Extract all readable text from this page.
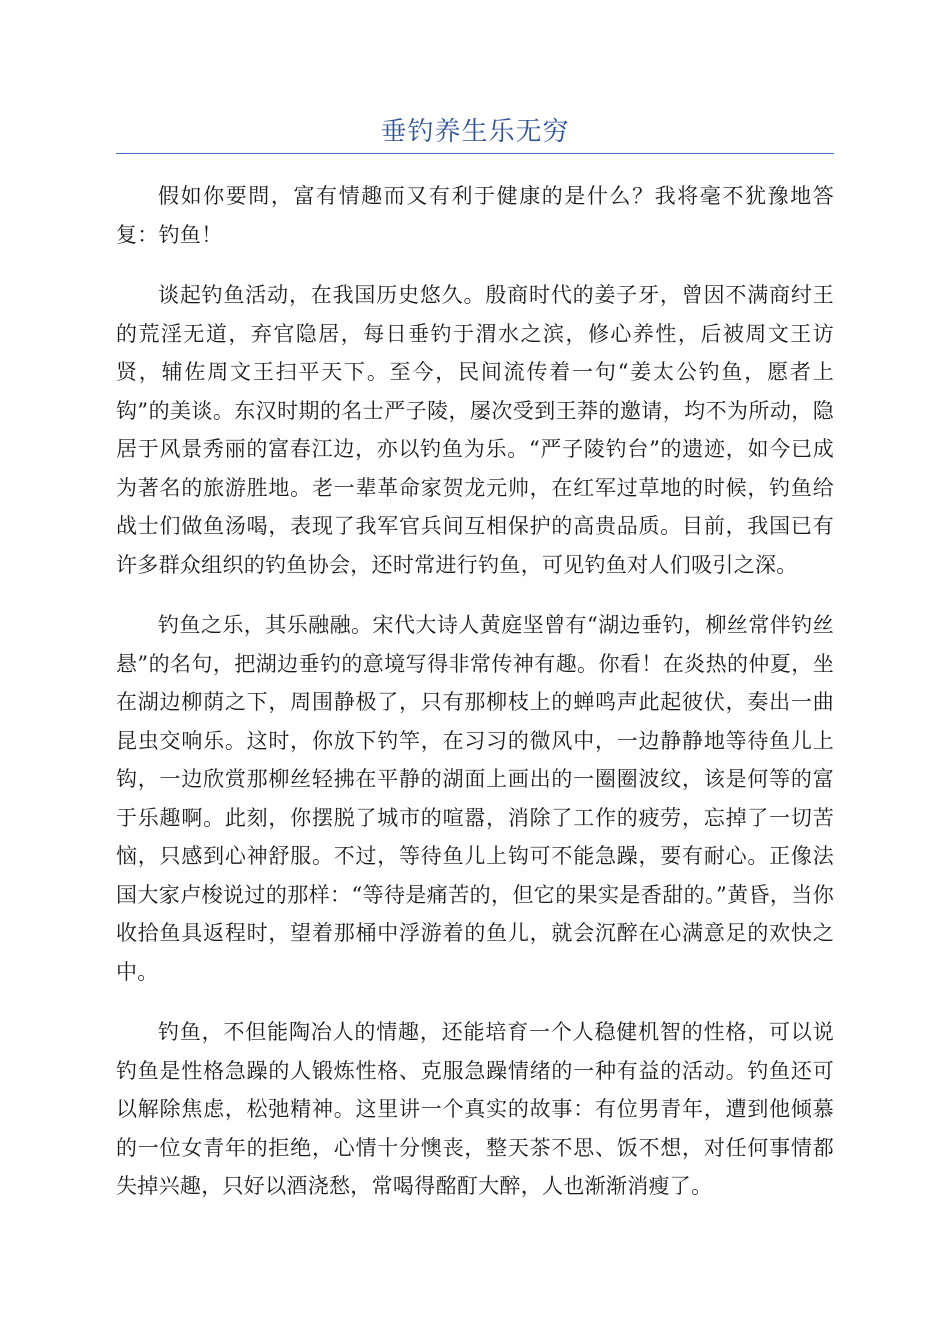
垂钓养生乐无穷

假如你要問，富有情趣而又有利于健康的是什么？我将毫不犹豫地答复：钓鱼！

谈起钓鱼活动，在我国历史悠久。殷商时代的姜子牙，曾因不满商纣王的荒淫无道，弃官隐居，每日垂钓于渭水之滨，修心养性，后被周文王访贤，辅佐周文王扫平天下。至今，民间流传着一句“姜太公钓鱼，愿者上钩”的美谈。东汉时期的名士严子陵，屡次受到王莽的邀请，均不为所动，隐居于风景秀丽的富春江边，亦以钓鱼为乐。“严子陵钓台”的遗迹，如今已成为著名的旅游胜地。老一辈革命家贺龙元帅，在红军过草地的时候，钓鱼给战士们做鱼汤喝，表现了我军官兵间互相保护的高贵品质。目前，我国已有许多群众组织的钓鱼协会，还时常进行钓鱼，可见钓鱼对人们吸引之深。

钓鱼之乐，其乐融融。宋代大诗人黄庭坚曾有“湖边垂钓，柳丝常伴钓丝悬”的名句，把湖边垂钓的意境写得非常传神有趣。你看！在炎热的仲夏，坐在湖边柳荫之下，周围静极了，只有那柳枝上的蝉鸣声此起彼伏，奏出一曲昆虫交响乐。这时，你放下钓竿，在习习的微风中，一边静静地等待鱼儿上钩，一边欣赏那柳丝轻拂在平静的湖面上画出的一圈圈波纹，该是何等的富于乐趣啊。此刻，你摆脱了城市的喧嚣，消除了工作的疲劳，忘掉了一切苦恼，只感到心神舒服。不过，等待鱼儿上钩可不能急躁，要有耐心。正像法国大家卢梭说过的那样：“等待是痛苦的，但它的果实是香甜的。”黄昏，当你收拾鱼具返程时，望着那桶中浮游着的鱼儿，就会沉醉在心满意足的欢快之中。

钓鱼，不但能陶冶人的情趣，还能培育一个人稳健机智的性格，可以说钓鱼是性格急躁的人锻炼性格、克服急躁情绪的一种有益的活动。钓鱼还可以解除焦虑，松弛精神。这里讲一个真实的故事：有位男青年，遭到他倾慕的一位女青年的拒绝，心情十分懊丧，整天茶不思、饭不想，对任何事情都失掉兴趣，只好以酒浇愁，常喝得酩酊大醉，人也渐渐消瘦了。
